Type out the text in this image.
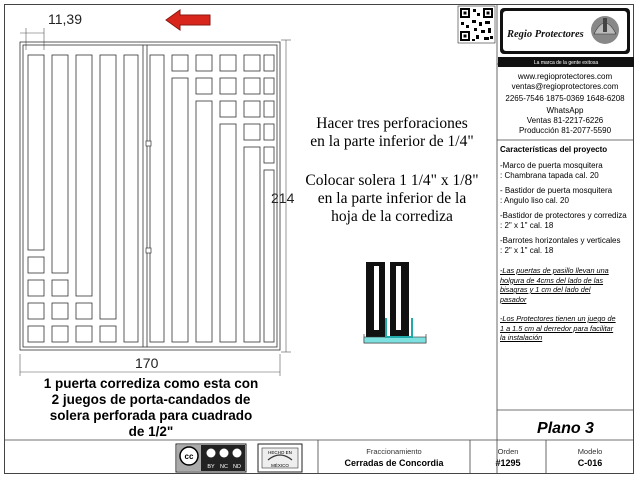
11,39
214
170
Regio Protectores
La marca de la gente exitosa
cc
BY NC ND
HECHO EN
MÉXICO
Hacer tres perforaciones
en la parte inferior de 1/4"
Colocar solera 1 1/4" x 1/8"
en la parte inferior de la
hoja de la corrediza
1 puerta corrediza como esta con
2 juegos de porta-candados de
solera perforada para cuadrado
de 1/2"
www.regioprotectores.com
ventas@regioprotectores.com
2265-7546 1875-0369 1648-6208
WhatsApp
Ventas 81-2217-6226
Producción 81-2077-5590
Características del proyecto
-Marco de puerta mosquitera
: Chambrana tapada cal. 20
- Bastidor de puerta mosquitera
: Angulo liso cal. 20
-Bastidor de protectores y corrediza
: 2" x 1" cal. 18
-Barrotes horizontales y verticales
: 2" x 1" cal. 18
-Las puertas de pasillo llevan una
holgura de 4cms del lado de las
bisagras y 1 cm del lado del
pasador
-Los Protectores tienen un juego de
1 a 1.5 cm al derredor para facilitar
la instalación
Plano 3
Fraccionamiento
Cerradas de Concordia
Orden
#1295
Modelo
C-016
